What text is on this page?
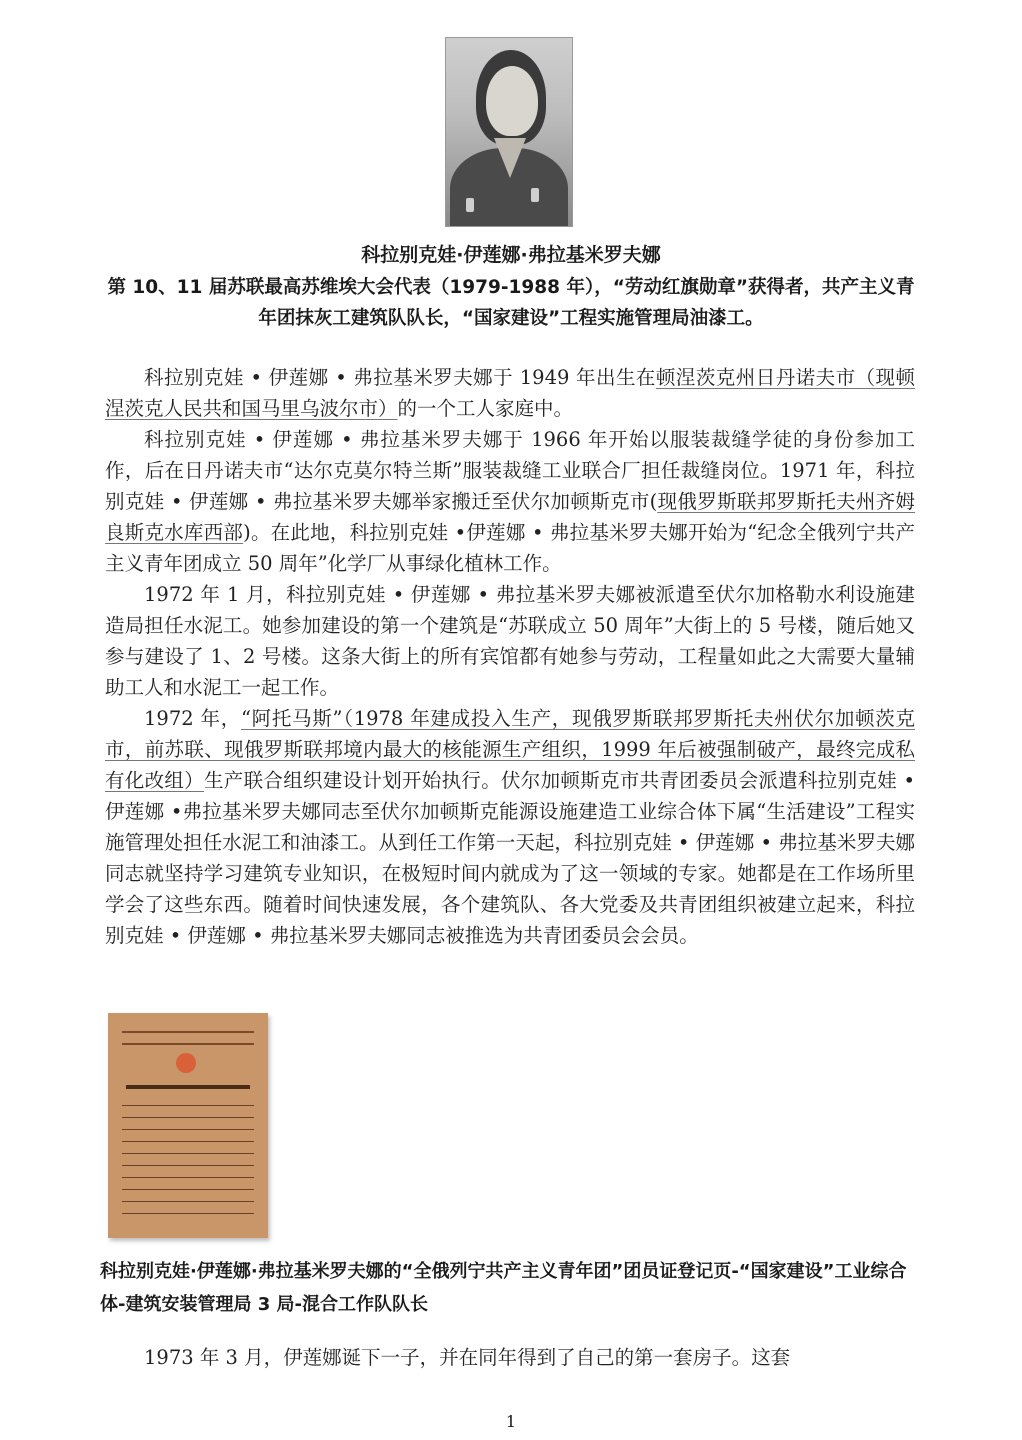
科拉别克娃·伊莲娜·弗拉基米罗夫娜
第 10、11 届苏联最高苏维埃大会代表（1979-1988 年），“劳动红旗勋章”获得者，共产主义青年团抹灰工建筑队队长，“国家建设”工程实施管理局油漆工。

科拉别克娃 • 伊莲娜 • 弗拉基米罗夫娜于 1949 年出生在顿涅茨克州日丹诺夫市（现顿涅茨克人民共和国马里乌波尔市）的一个工人家庭中。

科拉别克娃 • 伊莲娜 • 弗拉基米罗夫娜于 1966 年开始以服装裁缝学徒的身份参加工作，后在日丹诺夫市“达尔克莫尔特兰斯”服装裁缝工业联合厂担任裁缝岗位。1971 年，科拉别克娃 • 伊莲娜 • 弗拉基米罗夫娜举家搬迁至伏尔加顿斯克市(现俄罗斯联邦罗斯托夫州齐姆良斯克水库西部)。在此地，科拉别克娃 •伊莲娜 • 弗拉基米罗夫娜开始为“纪念全俄列宁共产主义青年团成立 50 周年”化学厂从事绿化植林工作。

1972 年 1 月，科拉别克娃 • 伊莲娜 • 弗拉基米罗夫娜被派遣至伏尔加格勒水利设施建造局担任水泥工。她参加建设的第一个建筑是“苏联成立 50 周年”大街上的 5 号楼，随后她又参与建设了 1、2 号楼。这条大街上的所有宾馆都有她参与劳动，工程量如此之大需要大量辅助工人和水泥工一起工作。

1972 年，“阿托马斯”（1978 年建成投入生产，现俄罗斯联邦罗斯托夫州伏尔加顿茨克市，前苏联、现俄罗斯联邦境内最大的核能源生产组织，1999 年后被强制破产，最终完成私有化改组）生产联合组织建设计划开始执行。伏尔加顿斯克市共青团委员会派遣科拉别克娃 •伊莲娜 •弗拉基米罗夫娜同志至伏尔加顿斯克能源设施建造工业综合体下属“生活建设”工程实施管理处担任水泥工和油漆工。从到任工作第一天起，科拉别克娃 • 伊莲娜 • 弗拉基米罗夫娜同志就坚持学习建筑专业知识，在极短时间内就成为了这一领域的专家。她都是在工作场所里学会了这些东西。随着时间快速发展，各个建筑队、各大党委及共青团组织被建立起来，科拉别克娃 • 伊莲娜 • 弗拉基米罗夫娜同志被推选为共青团委员会会员。

科拉别克娃·伊莲娜·弗拉基米罗夫娜的“全俄列宁共产主义青年团”团员证登记页-“国家建设”工业综合体-建筑安装管理局 3 局-混合工作队队长

1973 年 3 月，伊莲娜诞下一子，并在同年得到了自己的第一套房子。这套

1
